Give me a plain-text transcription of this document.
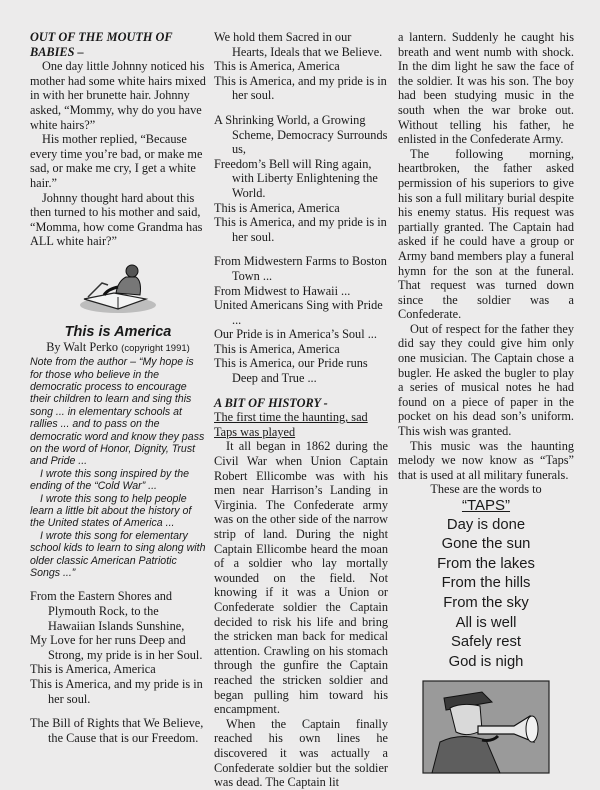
OUT OF THE MOUTH OF

BABIES –

One day little Johnny noticed his mother had some white hairs mixed in with her brunette hair. Johnny asked, “Mommy, why do you have white hairs?”

His mother replied, “Because every time you’re bad, or make me sad, or make me cry, I get a white hair.”

Johnny thought hard about this then turned to his mother and said, “Momma, how come Grandma has ALL white hair?”

This is America

By Walt Perko (copyright 1991)

Note from the author – “My hope is for those who believe in the democratic process to encourage their children to learn and sing this song ... in elementary schools at rallies ... and to pass on the democratic word and know they pass on the word of Honor, Dignity, Trust and Pride ...

I wrote this song inspired by the ending of the “Cold War” ...

I wrote this song to help people learn a little bit about the history of the United states of America ...

I wrote this song for elementary school kids to learn to sing along with older classic American Patriotic Songs ...”

From the Eastern Shores and Plymouth Rock, to the Hawaiian Islands Sunshine,

My Love for her runs Deep and Strong, my pride is in her Soul.

This is America, America

This is America, and my pride is in her soul.

The Bill of Rights that We Believe, the Cause that is our Freedom.

We hold them Sacred in our Hearts, Ideals that we Believe.

This is America, America

This is America, and my pride is in her soul.

A Shrinking World, a Growing Scheme, Democracy Surrounds us,

Freedom’s Bell will Ring again, with Liberty Enlightening the World.

This is America, America

This is America, and my pride is in her soul.

From Midwestern Farms to Boston Town ...

From Midwest to Hawaii ...

United Americans Sing with Pride ...

Our Pride is in America’s Soul ...

This is America, America

This is America, our Pride runs Deep and True ...

A BIT OF HISTORY -

The first time the haunting, sad Taps was played

It all began in 1862 during the Civil War when Union Captain Robert Ellicombe was with his men near Harrison’s Landing in Virginia. The Confederate army was on the other side of the narrow strip of land. During the night Captain Ellicombe heard the moan of a soldier who lay mortally wounded on the field. Not knowing if it was a Union or Confederate soldier the Captain decided to risk his life and bring the stricken man back for medical attention. Crawling on his stomach through the gunfire the Captain reached the stricken soldier and began pulling him toward his encampment.

When the Captain finally reached his own lines he discovered it was actually a Confederate soldier but the soldier was dead. The Captain lit

a lantern. Suddenly he caught his breath and went numb with shock. In the dim light he saw the face of the soldier. It was his son. The boy had been studying music in the south when the war broke out. Without telling his father, he enlisted in the Confederate Army.

The following morning, heartbroken, the father asked permission of his superiors to give his son a full military burial despite his enemy status. His request was partially granted. The Captain had asked if he could have a group or Army band members play a funeral hymn for the son at the funeral. That request was turned down since the soldier was a Confederate.

Out of respect for the father they did say they could give him only one musician. The Captain chose a bugler. He asked the bugler to play a series of musical notes he had found on a piece of paper in the pocket on his dead son’s uniform. This wish was granted.

This music was the haunting melody we now know as “Taps” that is used at all military funerals.

These are the words to

“TAPS”

Day is done

Gone the sun

From the lakes

From the hills

From the sky

All is well

Safely rest

God is nigh
